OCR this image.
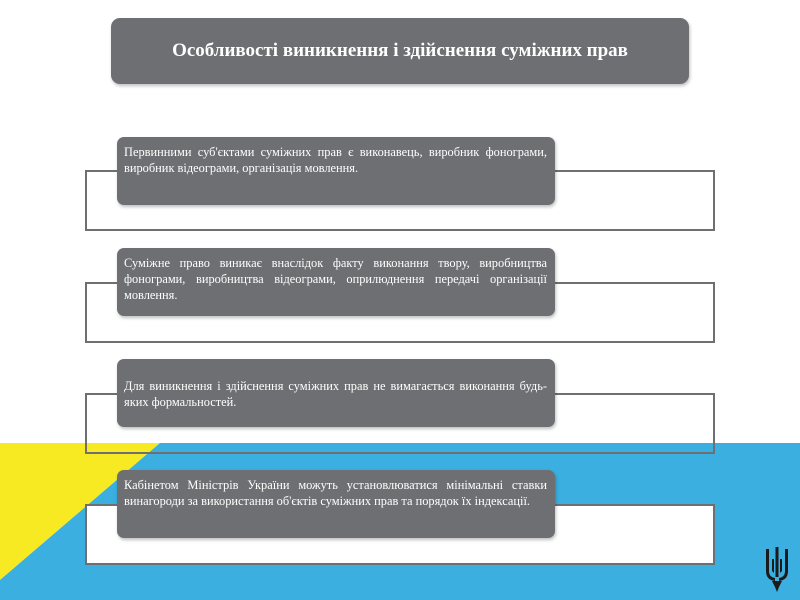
Особливості виникнення і здійснення суміжних прав
Первинними суб'єктами суміжних прав є виконавець, виробник фонограми, виробник відеограми, організація мовлення.
Суміжне право виникає внаслідок факту виконання твору, виробництва фонограми, виробництва відеограми, оприлюднення передачі організації мовлення.
Для виникнення і здійснення суміжних прав не вимагається виконання будь-яких формальностей.
Кабінетом Міністрів України можуть установлюватися мінімальні ставки винагороди за використання об'єктів суміжних прав та порядок їх індексації.
